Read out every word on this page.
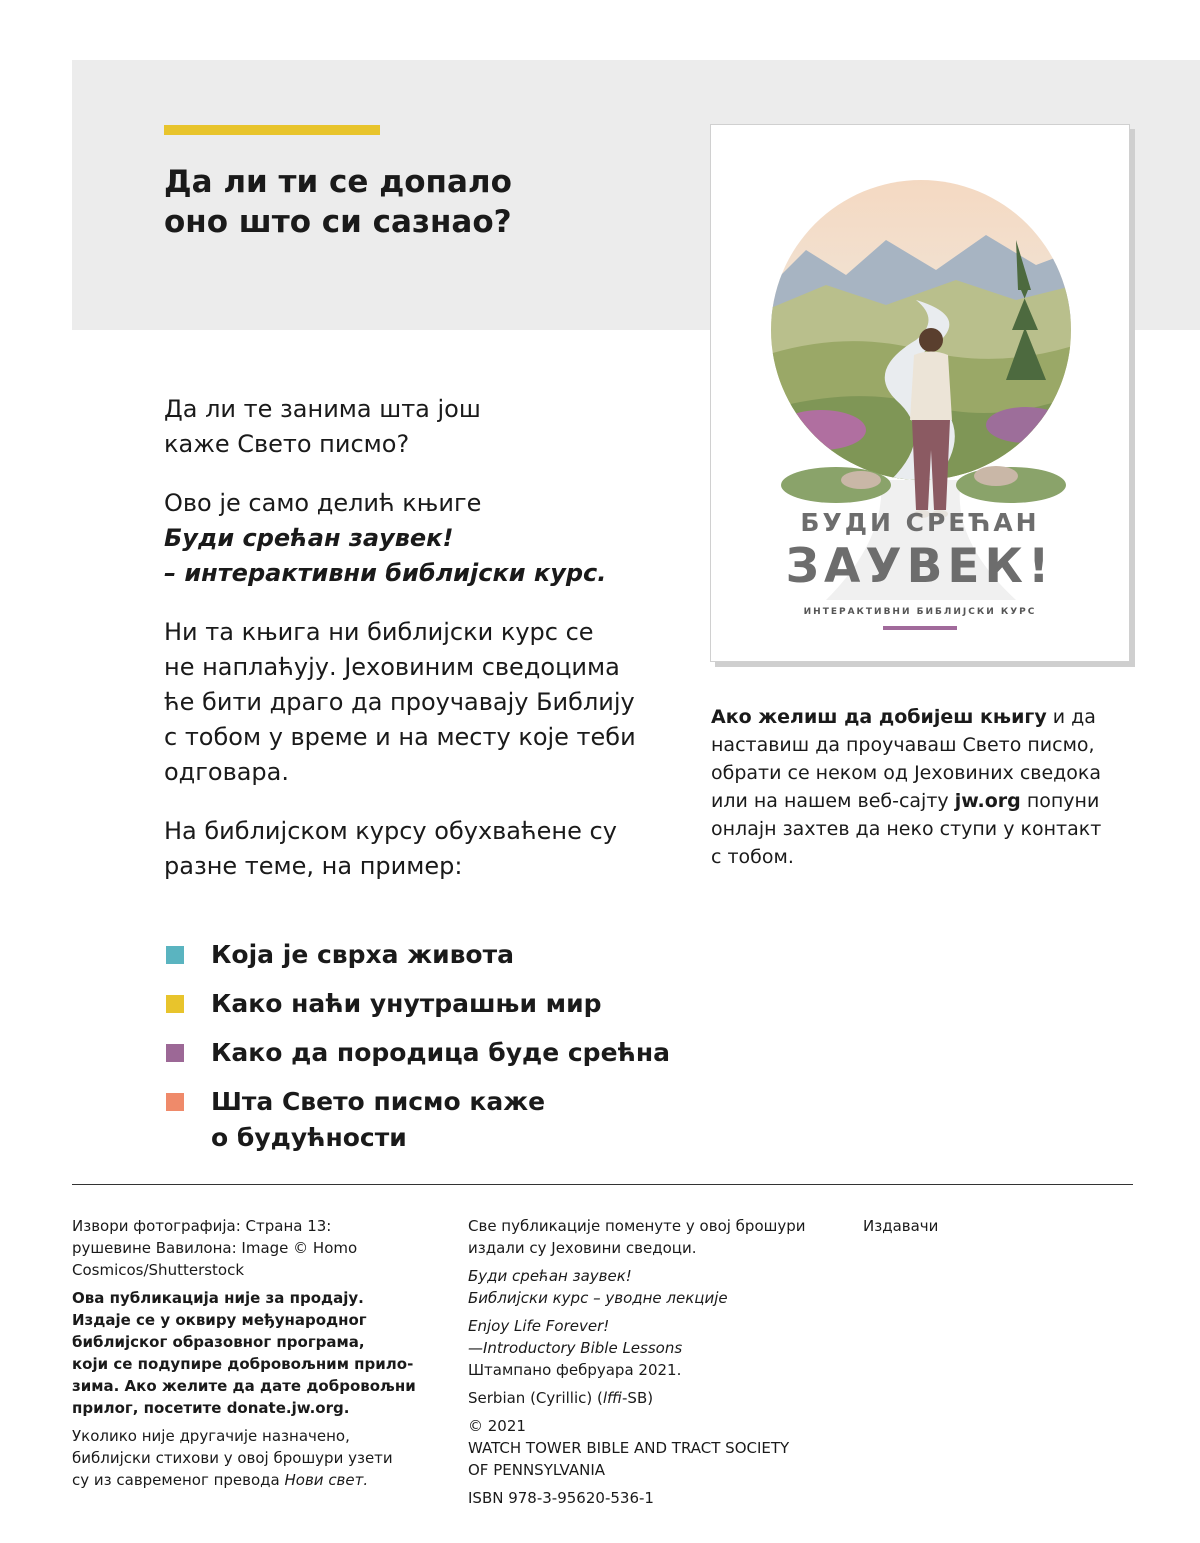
Да ли ти се допало
оно што си сазнао?

Да ли те занима шта још
каже Свето писмо?

Ово је само делић књиге
Буди срећан заувек!
– интерактивни библијски курс.

Ни та књига ни библијски курс се
не наплаћују. Јеховиним сведоцима
ће бити драго да проучавају Библију
с тобом у време и на месту које теби
одговара.

На библијском курсу обухваћене су
разне теме, на пример:

Која је сврха живота
Како наћи унутрашњи мир
Како да породица буде срећна
Шта Свето писмо каже
о будућности
БУДИ СРЕЋАН
ЗАУВЕК!
ИНТЕРАКТИВНИ БИБЛИЈСКИ КУРС
Ако желиш да добијеш књигу и да
наставиш да проучаваш Свето писмо,
обрати се неком од Јеховиних сведока
или на нашем веб-сајту jw.org попуни
онлајн захтев да неко ступи у контакт
с тобом.
Извори фотографија: Страна 13:
рушевине Вавилона: Image © Homo
Cosmicos/Shutterstock
Ова публикација није за продају.
Издаје се у оквиру међународног
библијског образовног програма,
који се подупире добровољним прило-
зима. Ако желите да дате добровољни
прилог, посетите donate.jw.org.
Уколико није другачије назначено,
библијски стихови у овој брошури узети
су из савременог превода Нови свет.
Све публикације поменуте у овој брошури
издали су Јеховини сведоци.
Буди срећан заувек!
Библијски курс – уводне лекције
Enjoy Life Forever!
—Introductory Bible Lessons
Штампано фебруара 2021.
Serbian (Cyrillic) (lffi-SB)
© 2021
WATCH TOWER BIBLE AND TRACT SOCIETY
OF PENNSYLVANIA
ISBN 978-3-95620-536-1
Издавачи
